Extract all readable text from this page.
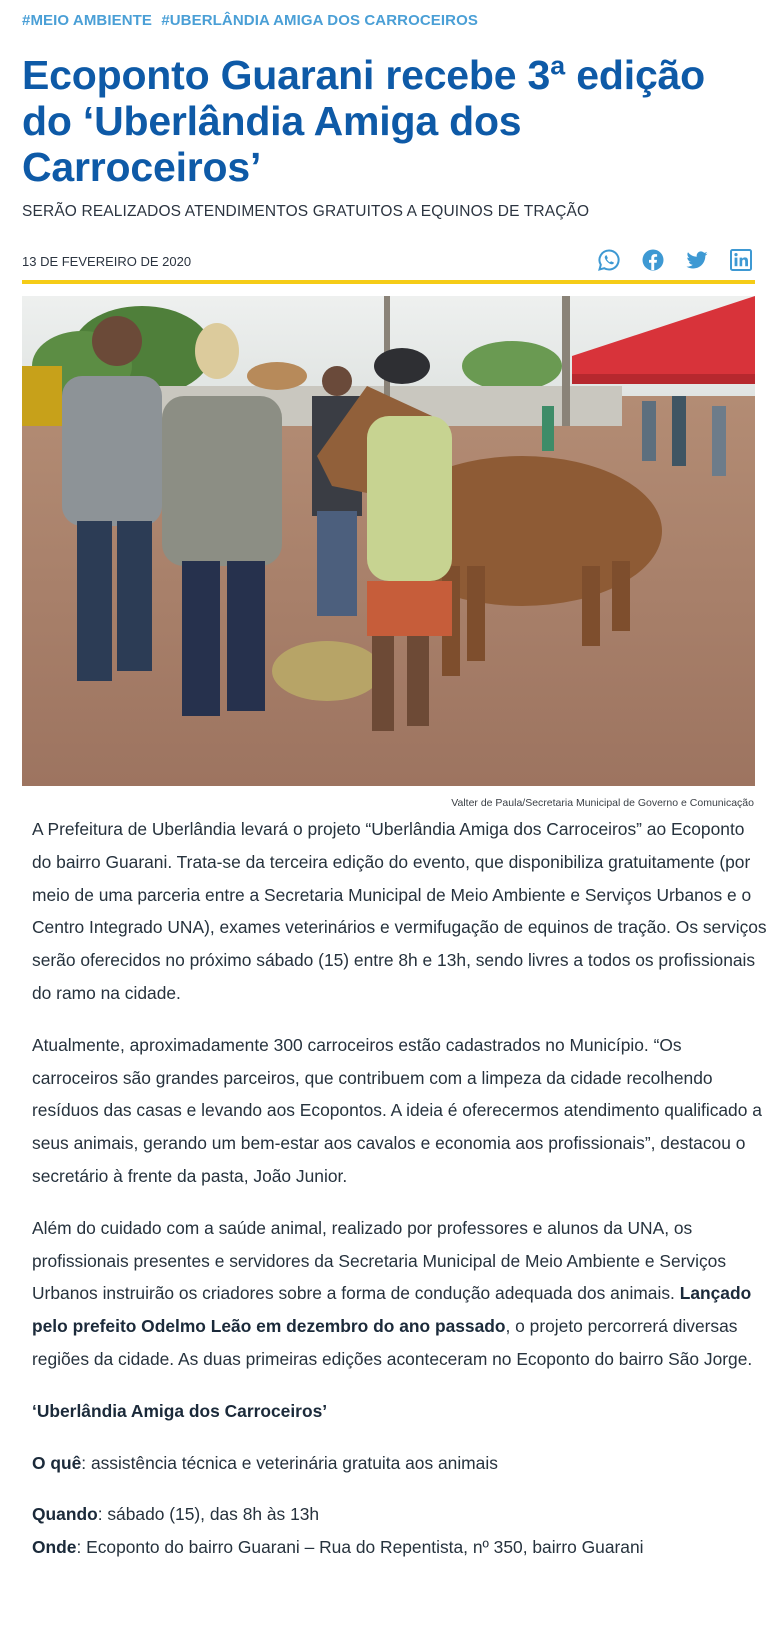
#MEIO AMBIENTE #UBERLÂNDIA AMIGA DOS CARROCEIROS
Ecoponto Guarani recebe 3ª edição do ‘Uberlândia Amiga dos Carroceiros’
SERÃO REALIZADOS ATENDIMENTOS GRATUITOS A EQUINOS DE TRAÇÃO
13 DE FEVEREIRO DE 2020
Valter de Paula/Secretaria Municipal de Governo e Comunicação

A Prefeitura de Uberlândia levará o projeto “Uberlândia Amiga dos Carroceiros” ao Ecoponto do bairro Guarani. Trata-se da terceira edição do evento, que disponibiliza gratuitamente (por meio de uma parceria entre a Secretaria Municipal de Meio Ambiente e Serviços Urbanos e o Centro Integrado UNA), exames veterinários e vermifugação de equinos de tração. Os serviços serão oferecidos no próximo sábado (15) entre 8h e 13h, sendo livres a todos os profissionais do ramo na cidade.

Atualmente, aproximadamente 300 carroceiros estão cadastrados no Município. “Os carroceiros são grandes parceiros, que contribuem com a limpeza da cidade recolhendo resíduos das casas e levando aos Ecopontos. A ideia é oferecermos atendimento qualificado a seus animais, gerando um bem-estar aos cavalos e economia aos profissionais”, destacou o secretário à frente da pasta, João Junior.

Além do cuidado com a saúde animal, realizado por professores e alunos da UNA, os profissionais presentes e servidores da Secretaria Municipal de Meio Ambiente e Serviços Urbanos instruirão os criadores sobre a forma de condução adequada dos animais. Lançado pelo prefeito Odelmo Leão em dezembro do ano passado, o projeto percorrerá diversas regiões da cidade. As duas primeiras edições aconteceram no Ecoponto do bairro São Jorge.

‘Uberlândia Amiga dos Carroceiros’

O quê: assistência técnica e veterinária gratuita aos animais

Quando: sábado (15), das 8h às 13h

Onde: Ecoponto do bairro Guarani – Rua do Repentista, nº 350, bairro Guarani
